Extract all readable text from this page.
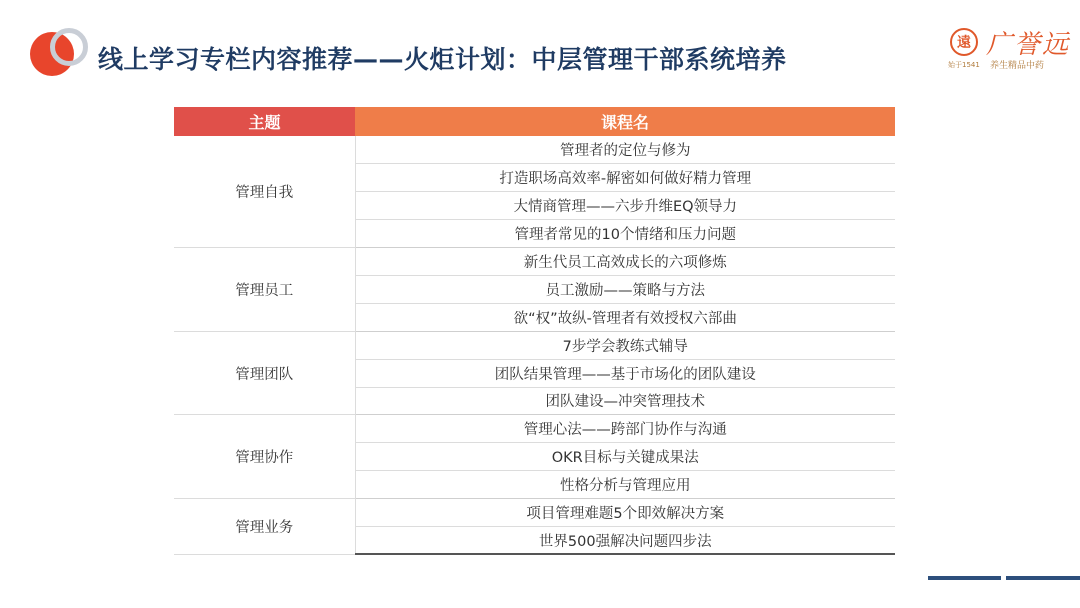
线上学习专栏内容推荐——火炬计划：中层管理干部系统培养
遠 广誉远
始于1541 养生精品中药
主题	课程名
管理自我	管理者的定位与修为
	打造职场高效率-解密如何做好精力管理
	大情商管理——六步升维EQ领导力
	管理者常见的10个情绪和压力问题
管理员工	新生代员工高效成长的六项修炼
	员工激励——策略与方法
	欲“权”故纵-管理者有效授权六部曲
管理团队	7步学会教练式辅导
	团队结果管理——基于市场化的团队建设
	团队建设—冲突管理技术
管理协作	管理心法——跨部门协作与沟通
	OKR目标与关键成果法
	性格分析与管理应用
管理业务	项目管理难题5个即效解决方案
	世界500强解决问题四步法
